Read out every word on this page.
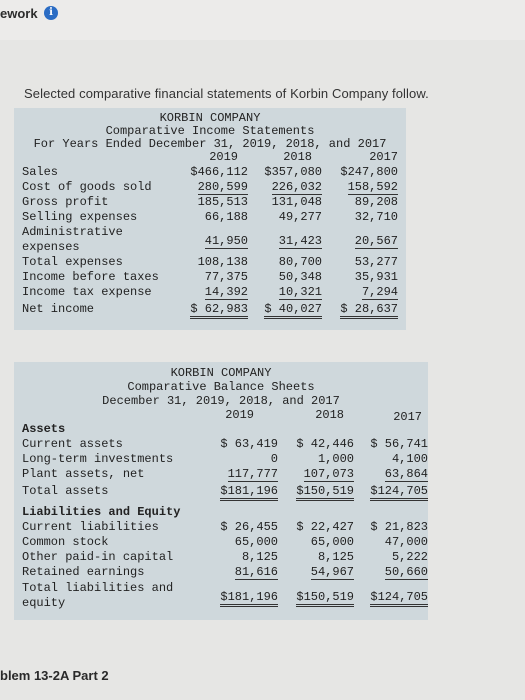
ework	i
Selected comparative financial statements of Korbin Company follow.
KORBIN COMPANY
Comparative Income Statements
For Years Ended December 31, 2019, 2018, and 2017
2019	2018	2017
Sales	$466,112 $357,080 $247,800
Cost of goods sold	280,599 226,032 158,592
Gross profit	185,513 131,048	89,208
Selling expenses	66,188	49,277	32,710
Administrative
expenses	41,950	31,423	20,567
Total expenses	108,138	80,700	53,277
Income before taxes	77,375	50,348	35,931
Income tax expense	14,392	10,321	7,294
Net income	$ 62,983 $ 40,027 $ 28,637
KORBIN COMPANY
Comparative Balance Sheets
December 31, 2019, 2018, and 2017
2019	2018	2017
Assets
Current assets	$ 63,419 $ 42,446 $ 56,741
Long-term investments	0	1,000	4,100
Plant assets, net	117,777 107,073	63,864
Total assets	$181,196 $150,519 $124,705
Liabilities and Equity
Current liabilities	$ 26,455 $ 22,427 $ 21,823
Common stock	65,000	65,000	47,000
Other paid-in capital	8,125	8,125	5,222
Retained earnings	81,616	54,967	50,660
Total liabilities and
equity	$181,196 $150,519 $124,705
blem 13-2A Part 2
